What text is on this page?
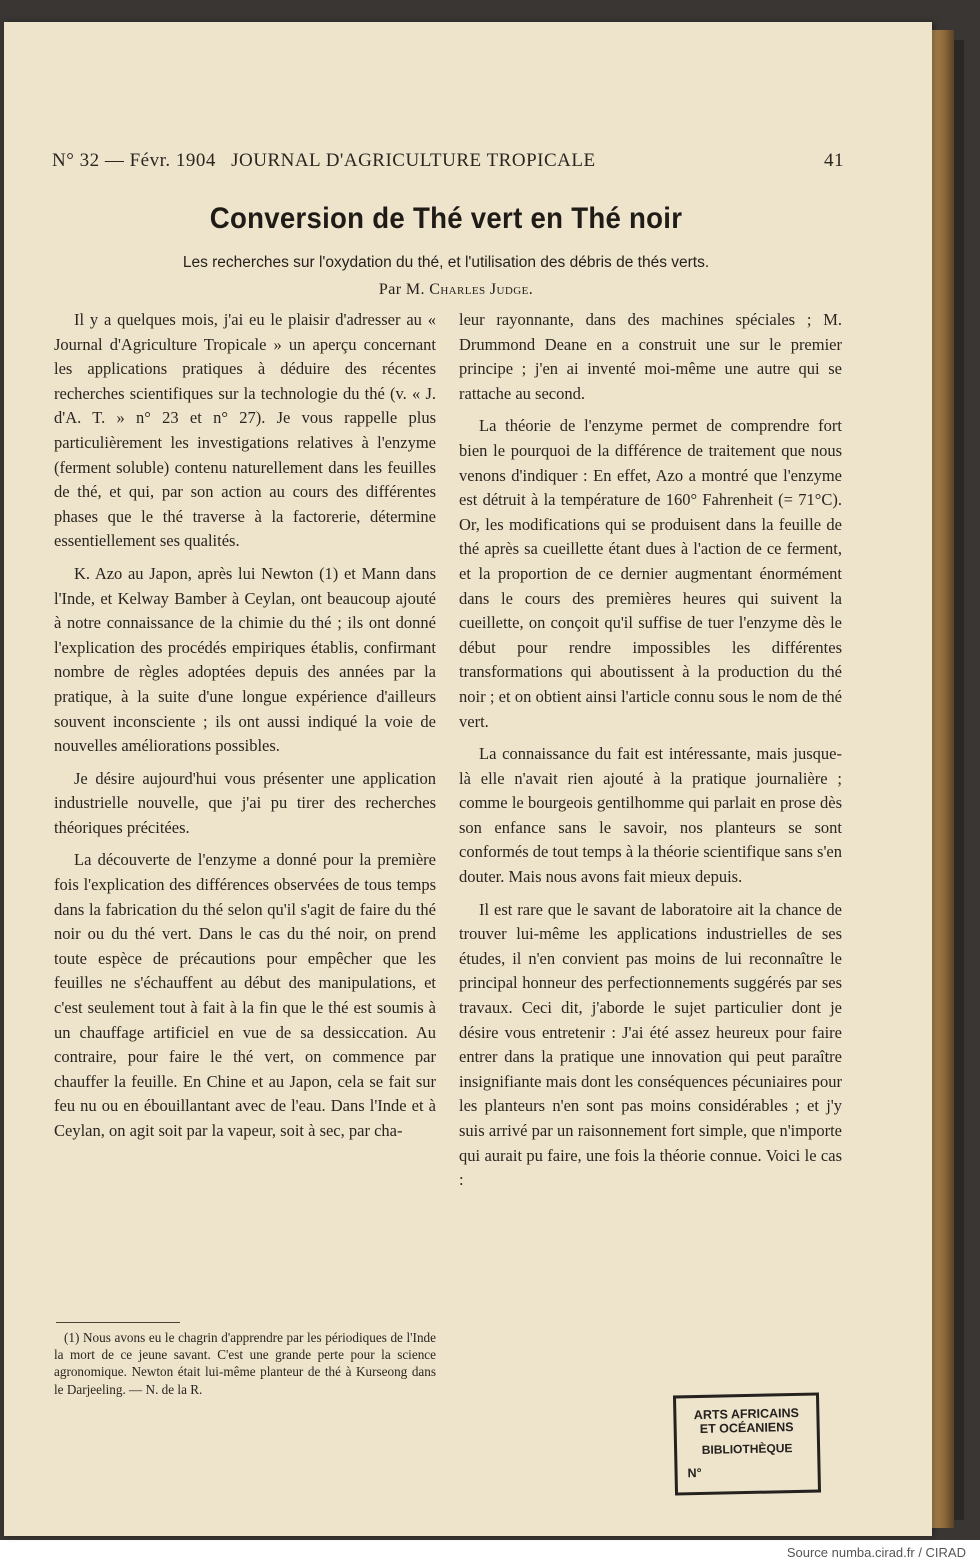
N° 32 — Févr. 1904 JOURNAL D'AGRICULTURE TROPICALE	41
Conversion de Thé vert en Thé noir
Les recherches sur l'oxydation du thé, et l'utilisation des débris de thés verts.
Par M. Charles Judge.

Il y a quelques mois, j'ai eu le plaisir d'adresser au « Journal d'Agriculture Tropicale » un aperçu concernant les applications pratiques à déduire des récentes recherches scientifiques sur la technologie du thé (v. « J. d'A. T. » n° 23 et n° 27). Je vous rappelle plus particulièrement les investigations relatives à l'enzyme (ferment soluble) contenu naturellement dans les feuilles de thé, et qui, par son action au cours des différentes phases que le thé traverse à la factorerie, détermine essentiellement ses qualités.

K. Azo au Japon, après lui Newton (1) et Mann dans l'Inde, et Kelway Bamber à Ceylan, ont beaucoup ajouté à notre connaissance de la chimie du thé ; ils ont donné l'explication des procédés empiriques établis, confirmant nombre de règles adoptées depuis des années par la pratique, à la suite d'une longue expérience d'ailleurs souvent inconsciente ; ils ont aussi indiqué la voie de nouvelles améliorations possibles.

Je désire aujourd'hui vous présenter une application industrielle nouvelle, que j'ai pu tirer des recherches théoriques précitées.

La découverte de l'enzyme a donné pour la première fois l'explication des différences observées de tous temps dans la fabrication du thé selon qu'il s'agit de faire du thé noir ou du thé vert. Dans le cas du thé noir, on prend toute espèce de précautions pour empêcher que les feuilles ne s'échauffent au début des manipulations, et c'est seulement tout à fait à la fin que le thé est soumis à un chauffage artificiel en vue de sa dessiccation. Au contraire, pour faire le thé vert, on commence par chauffer la feuille. En Chine et au Japon, cela se fait sur feu nu ou en ébouillantant avec de l'eau. Dans l'Inde et à Ceylan, on agit soit par la vapeur, soit à sec, par cha-

leur rayonnante, dans des machines spéciales ; M. Drummond Deane en a construit une sur le premier principe ; j'en ai inventé moi-même une autre qui se rattache au second.

La théorie de l'enzyme permet de comprendre fort bien le pourquoi de la différence de traitement que nous venons d'indiquer : En effet, Azo a montré que l'enzyme est détruit à la température de 160° Fahrenheit (= 71°C). Or, les modifications qui se produisent dans la feuille de thé après sa cueillette étant dues à l'action de ce ferment, et la proportion de ce dernier augmentant énormément dans le cours des premières heures qui suivent la cueillette, on conçoit qu'il suffise de tuer l'enzyme dès le début pour rendre impossibles les différentes transformations qui aboutissent à la production du thé noir ; et on obtient ainsi l'article connu sous le nom de thé vert.

La connaissance du fait est intéressante, mais jusque-là elle n'avait rien ajouté à la pratique journalière ; comme le bourgeois gentilhomme qui parlait en prose dès son enfance sans le savoir, nos planteurs se sont conformés de tout temps à la théorie scientifique sans s'en douter. Mais nous avons fait mieux depuis.

Il est rare que le savant de laboratoire ait la chance de trouver lui-même les applications industrielles de ses études, il n'en convient pas moins de lui reconnaître le principal honneur des perfectionnements suggérés par ses travaux. Ceci dit, j'aborde le sujet particulier dont je désire vous entretenir : J'ai été assez heureux pour faire entrer dans la pratique une innovation qui peut paraître insignifiante mais dont les conséquences pécuniaires pour les planteurs n'en sont pas moins considérables ; et j'y suis arrivé par un raisonnement fort simple, que n'importe qui aurait pu faire, une fois la théorie connue. Voici le cas :

(1) Nous avons eu le chagrin d'apprendre par les périodiques de l'Inde la mort de ce jeune savant. C'est une grande perte pour la science agronomique. Newton était lui-même planteur de thé à Kurseong dans le Darjeeling. — N. de la R.

ARTS AFRICAINS
ET OCÉANIENS
BIBLIOTHÈQUE
N°
Source numba.cirad.fr / CIRAD
